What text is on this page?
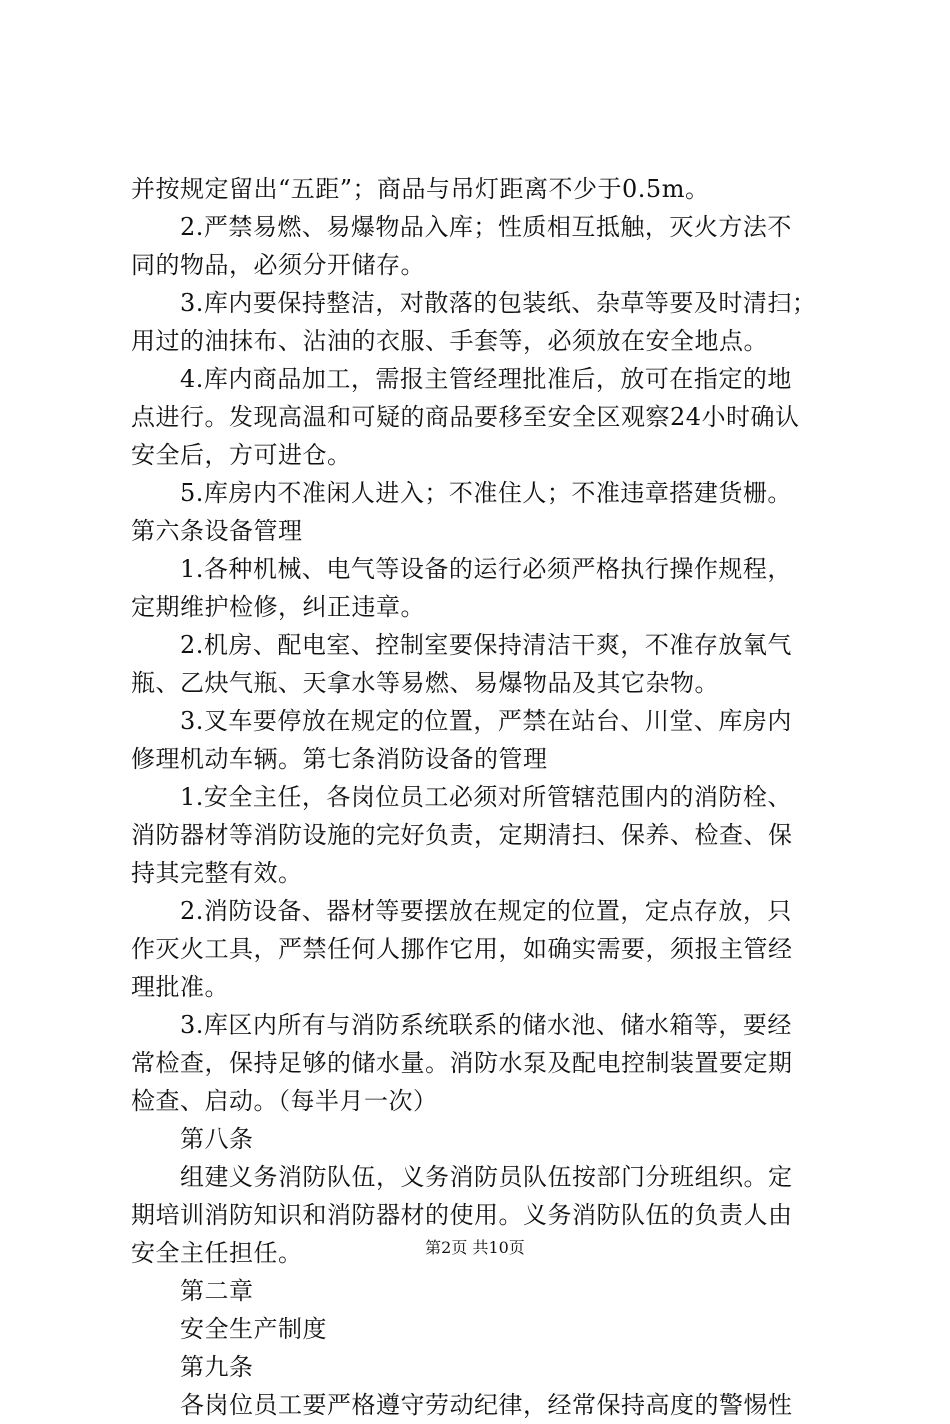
并按规定留出“五距”；商品与吊灯距离不少于0.5m。
　　2.严禁易燃、易爆物品入库；性质相互抵触，灭火方法不
同的物品，必须分开储存。
　　3.库内要保持整洁，对散落的包装纸、杂草等要及时清扫；
用过的油抹布、沾油的衣服、手套等，必须放在安全地点。
　　4.库内商品加工，需报主管经理批准后，放可在指定的地
点进行。发现高温和可疑的商品要移至安全区观察24小时确认
安全后，方可进仓。
　　5.库房内不准闲人进入；不准住人；不准违章搭建货栅。
第六条设备管理
　　1.各种机械、电气等设备的运行必须严格执行操作规程，
定期维护检修，纠正违章。
　　2.机房、配电室、控制室要保持清洁干爽，不准存放氧气
瓶、乙炔气瓶、天拿水等易燃、易爆物品及其它杂物。
　　3.叉车要停放在规定的位置，严禁在站台、川堂、库房内
修理机动车辆。第七条消防设备的管理
　　1.安全主任，各岗位员工必须对所管辖范围内的消防栓、
消防器材等消防设施的完好负责，定期清扫、保养、检查、保
持其完整有效。
　　2.消防设备、器材等要摆放在规定的位置，定点存放，只
作灭火工具，严禁任何人挪作它用，如确实需要，须报主管经
理批准。
　　3.库区内所有与消防系统联系的储水池、储水箱等，要经
常检查，保持足够的储水量。消防水泵及配电控制装置要定期
检查、启动。（每半月一次）
　　第八条
　　组建义务消防队伍，义务消防员队伍按部门分班组织。定
期培训消防知识和消防器材的使用。义务消防队伍的负责人由
安全主任担任。
　　第二章
　　安全生产制度
　　第九条
　　各岗位员工要严格遵守劳动纪律，经常保持高度的警惕性
第2页 共10页
